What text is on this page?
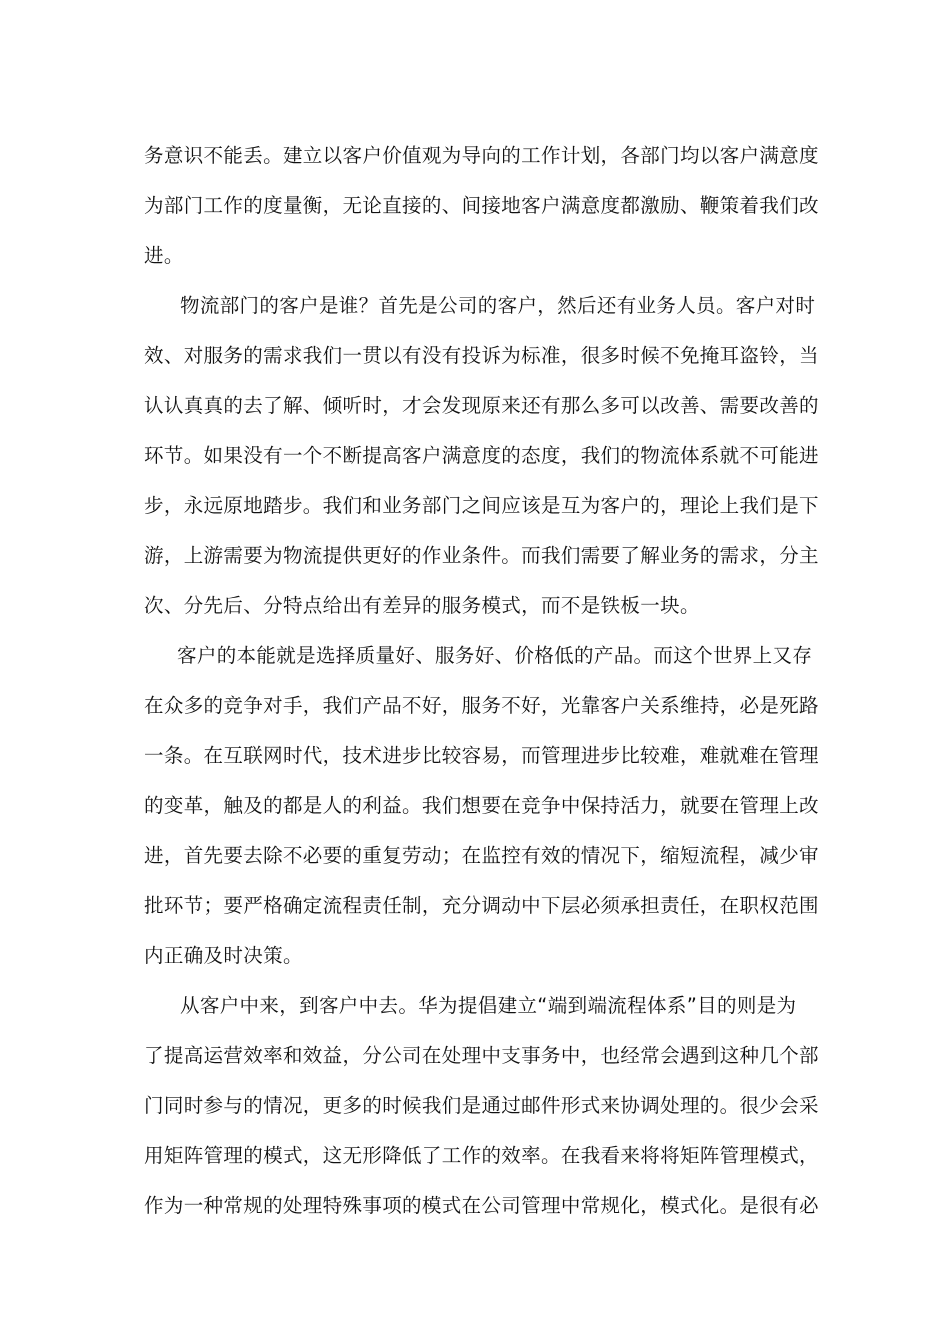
务意识不能丢。建立以客户价值观为导向的工作计划，各部门均以客户满意度
为部门工作的度量衡，无论直接的、间接地客户满意度都激励、鞭策着我们改
进。
物流部门的客户是谁？首先是公司的客户，然后还有业务人员。客户对时
效、对服务的需求我们一贯以有没有投诉为标准，很多时候不免掩耳盗铃，当
认认真真的去了解、倾听时，才会发现原来还有那么多可以改善、需要改善的
环节。如果没有一个不断提高客户满意度的态度，我们的物流体系就不可能进
步，永远原地踏步。我们和业务部门之间应该是互为客户的，理论上我们是下
游，上游需要为物流提供更好的作业条件。而我们需要了解业务的需求，分主
次、分先后、分特点给出有差异的服务模式，而不是铁板一块。
客户的本能就是选择质量好、服务好、价格低的产品。而这个世界上又存
在众多的竞争对手，我们产品不好，服务不好，光靠客户关系维持，必是死路
一条。在互联网时代，技术进步比较容易，而管理进步比较难，难就难在管理
的变革，触及的都是人的利益。我们想要在竞争中保持活力，就要在管理上改
进，首先要去除不必要的重复劳动；在监控有效的情况下，缩短流程，减少审
批环节；要严格确定流程责任制，充分调动中下层必须承担责任，在职权范围
内正确及时决策。
从客户中来，到客户中去。华为提倡建立“端到端流程体系”目的则是为
了提高运营效率和效益，分公司在处理中支事务中，也经常会遇到这种几个部
门同时参与的情况，更多的时候我们是通过邮件形式来协调处理的。很少会采
用矩阵管理的模式，这无形降低了工作的效率。在我看来将将矩阵管理模式，
作为一种常规的处理特殊事项的模式在公司管理中常规化，模式化。是很有必
